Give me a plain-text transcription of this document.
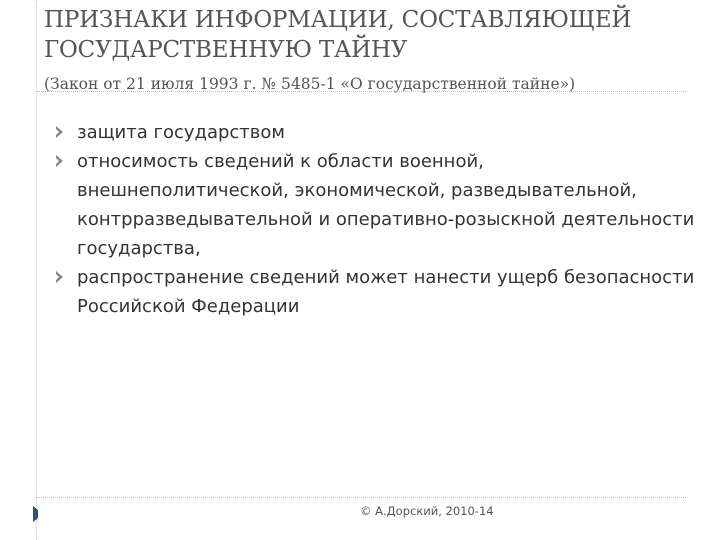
ПРИЗНАКИ ИНФОРМАЦИИ, СОСТАВЛЯЮЩЕЙ ГОСУДАРСТВЕННУЮ ТАЙНУ
(Закон от 21 июля 1993 г. № 5485-1 «О государственной тайне»)
защита государством
относимость сведений к области военной, внешнеполитической, экономической, разведывательной, контрразведывательной и оперативно-розыскной деятельности государства,
распространение сведений может нанести ущерб безопасности Российской Федерации
© А.Дорский, 2010-14
